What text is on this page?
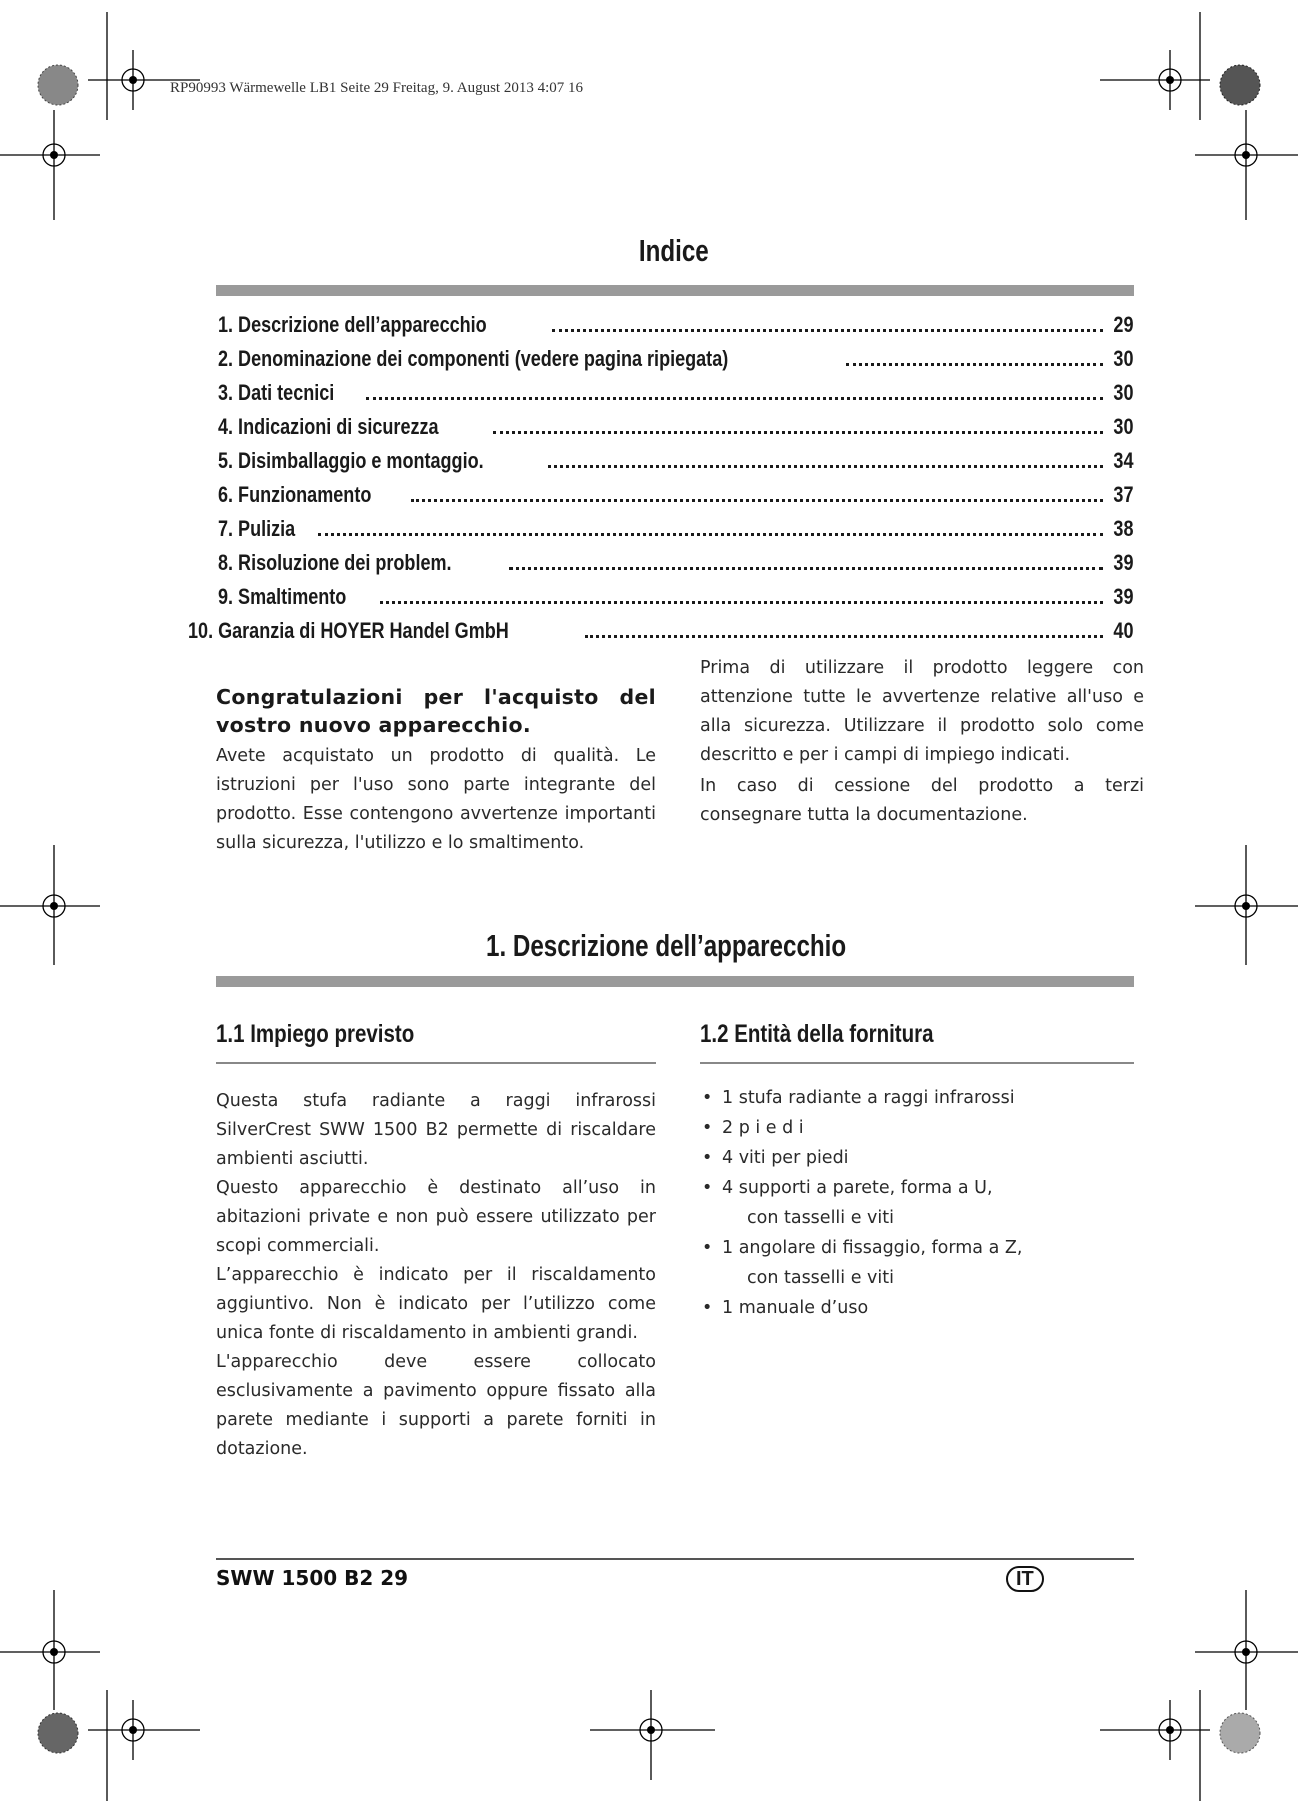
RP90993 Wärmewelle LB1 Seite 29 Freitag, 9. August 2013 4:07 16
Indice
1. Descrizione dell’apparecchio	29
2. Denominazione dei componenti (vedere pagina ripiegata)	30
3. Dati tecnici	30
4. Indicazioni di sicurezza	30
5. Disimballaggio e montaggio.	34
6. Funzionamento	37
7. Pulizia	38
8. Risoluzione dei problem.	39
9. Smaltimento	39
10. Garanzia di HOYER Handel GmbH	40
Congratulazioni per l'acquisto del
vostro nuovo apparecchio.

Avete acquistato un prodotto di qualità. Le istruzioni per l'uso sono parte integrante del prodotto. Esse contengono avvertenze importanti sulla sicurezza, l'utilizzo e lo smaltimento.

Prima di utilizzare il prodotto leggere con attenzione tutte le avvertenze relative all'uso e alla sicurezza. Utilizzare il prodotto solo come descritto e per i campi di impiego indicati.

In caso di cessione del prodotto a terzi consegnare tutta la documentazione.

1. Descrizione dell’apparecchio
1.1 Impiego previsto

Questa stufa radiante a raggi infrarossi SilverCrest SWW 1500 B2 permette di riscaldare ambienti asciutti.

Questo apparecchio è destinato all’uso in abitazioni private e non può essere utilizzato per scopi commerciali.

L’apparecchio è indicato per il riscaldamento aggiuntivo. Non è indicato per l’utilizzo come unica fonte di riscaldamento in ambienti grandi.

L'apparecchio deve essere collocato esclusivamente a pavimento oppure fissato alla parete mediante i supporti a parete forniti in dotazione.

1.2 Entità della fornitura
• 1 stufa radiante a raggi infrarossi
• 2 p i e d i
• 4 viti per piedi
• 4 supporti a parete, forma a U,
con tasselli e viti
• 1 angolare di fissaggio, forma a Z,
con tasselli e viti
• 1 manuale d’uso
SWW 1500 B2 29	IT
